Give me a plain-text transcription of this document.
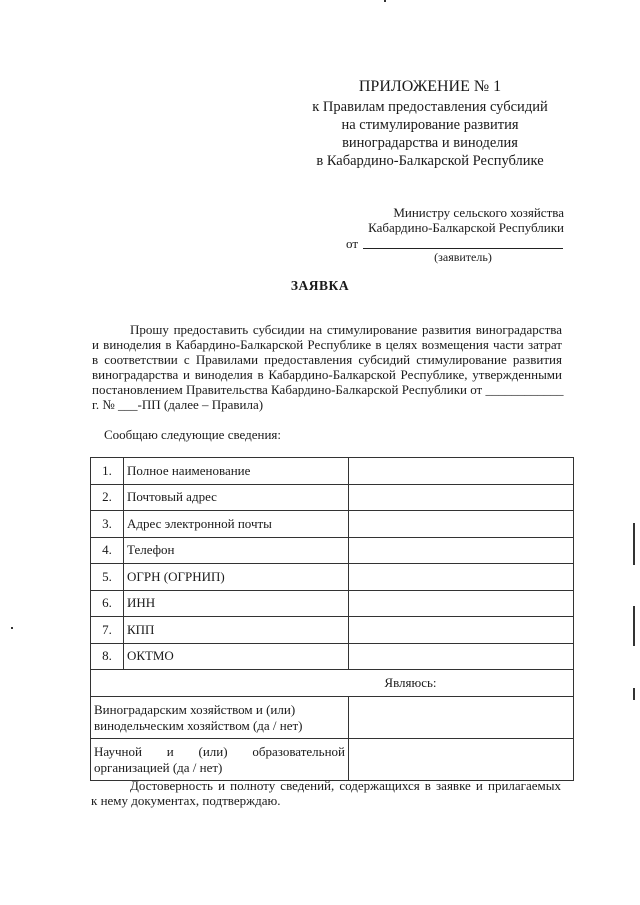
ПРИЛОЖЕНИЕ № 1
к Правилам предоставления субсидий
на стимулирование развития
виноградарства и виноделия
в Кабардино-Балкарской Республике
Министру сельского хозяйства
Кабардино-Балкарской Республики
от
(заявитель)
ЗАЯВКА
Прошу предоставить субсидии на стимулирование развития виноградарства
и виноделия в Кабардино-Балкарской Республике в целях возмещения части затрат
в соответствии с Правилами предоставления субсидий стимулирование развития
виноградарства и виноделия в Кабардино-Балкарской Республике, утвержденными
постановлением Правительства Кабардино-Балкарской Республики от ____________
г. № ___-ПП (далее – Правила)
Сообщаю следующие сведения:
1.	Полное наименование	
2.	Почтовый адрес	
3.	Адрес электронной почты	
4.	Телефон	
5.	ОГРН (ОГРНИП)	
6.	ИНН	
7.	КПП	
8.	ОКТМО	
Являюсь:		

Виноградарским хозяйством и (или)
винодельческим хозяйством (да / нет)		

Научной и (или) образовательной
организацией (да / нет)		

Достоверность и полноту сведений, содержащихся в заявке и прилагаемых
к нему документах, подтверждаю.
